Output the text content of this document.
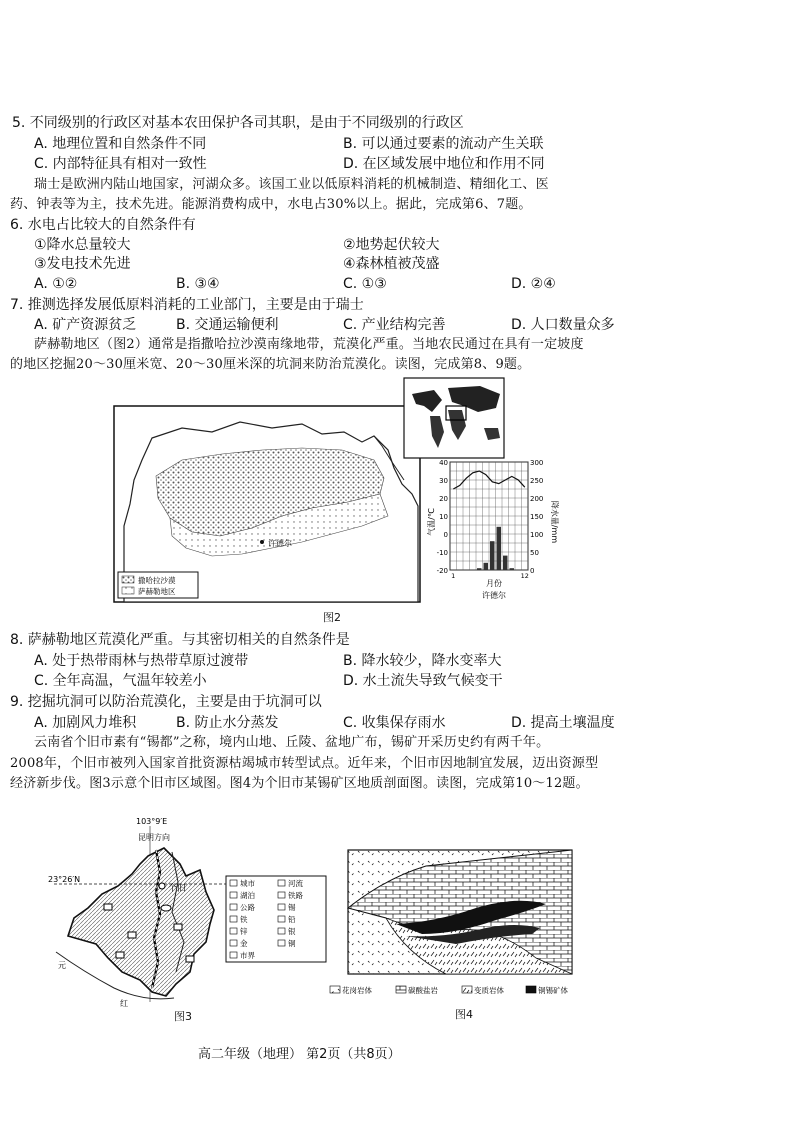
5. 不同级别的行政区对基本农田保护各司其职，是由于不同级别的行政区
A. 地理位置和自然条件不同	B. 可以通过要素的流动产生关联
C. 内部特征具有相对一致性	D. 在区域发展中地位和作用不同
瑞士是欧洲内陆山地国家，河湖众多。该国工业以低原料消耗的机械制造、精细化工、医
药、钟表等为主，技术先进。能源消费构成中，水电占30%以上。据此，完成第6、7题。
6. 水电占比较大的自然条件有
①降水总量较大	②地势起伏较大
③发电技术先进	④森林植被茂盛
A. ①②	B. ③④	C. ①③	D. ②④
7. 推测选择发展低原料消耗的工业部门，主要是由于瑞士
A. 矿产资源贫乏	B. 交通运输便利	C. 产业结构完善	D. 人口数量众多
萨赫勒地区（图2）通常是指撒哈拉沙漠南缘地带，荒漠化严重。当地农民通过在具有一定坡度
的地区挖掘20～30厘米宽、20～30厘米深的坑洞来防治荒漠化。读图，完成第8、9题。
许德尔
撒哈拉沙漠
萨赫勒地区
40
30
20
10
0
-10
-20
300
250
200
150
100
50
0
1	12
气温/℃	降水量/mm
月份
许德尔
图2
8. 萨赫勒地区荒漠化严重。与其密切相关的自然条件是
A. 处于热带雨林与热带草原过渡带	B. 降水较少，降水变率大
C. 全年高温，气温年较差小	D. 水土流失导致气候变干
9. 挖掘坑洞可以防治荒漠化，主要是由于坑洞可以
A. 加剧风力堆积	B. 防止水分蒸发	C. 收集保存雨水	D. 提高土壤温度
云南省个旧市素有“锡都”之称，境内山地、丘陵、盆地广布，锡矿开采历史约有两千年。
2008年，个旧市被列入国家首批资源枯竭城市转型试点。近年来，个旧市因地制宜发展，迈出资源型
经济新步伐。图3示意个旧市区域图。图4为个旧市某锡矿区地质剖面图。读图，完成第10～12题。
103°9′E
昆明方向
23°26′N
元
红
个旧
城市	河流
湖泊	铁路
公路	锡
铁	铅
锌	银
金	铜
市界
图3
花岗岩体	碳酸盐岩	变质岩体	铜锡矿体
图4
高二年级（地理） 第2页（共8页）
